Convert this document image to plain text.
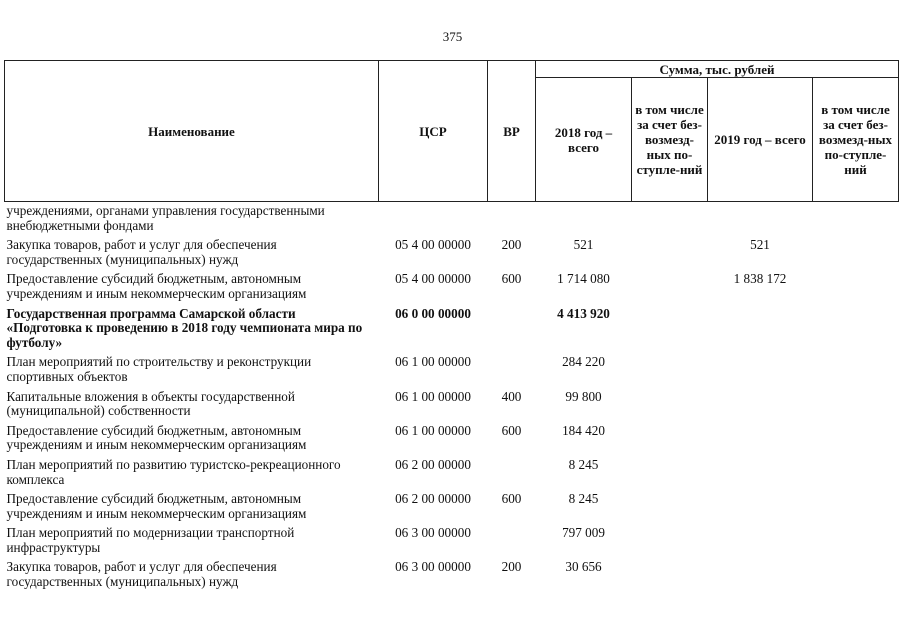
375
Наименование	ЦСР	ВР	Сумма, тыс. рублей			
			2018 год – всего	в том числе за счет без-возмезд-ных по-ступле-ний	2019 год – всего	в том числе за счет без-возмезд-ных по-ступле-ний
учреждениями, органами управления государственными внебюджетными фондами						
Закупка товаров, работ и услуг для обеспечения государственных (муниципальных) нужд	05 4 00 00000	200	521		521	
Предоставление субсидий бюджетным, автономным учреждениям и иным некоммерческим организациям	05 4 00 00000	600	1 714 080		1 838 172	
Государственная программа Самарской области «Подготовка к проведению в 2018 году чемпионата мира по футболу»	06 0 00 00000		4 413 920			
План мероприятий по строительству и реконструкции спортивных объектов	06 1 00 00000		284 220			
Капитальные вложения в объекты государственной (муниципальной) собственности	06 1 00 00000	400	99 800			
Предоставление субсидий бюджетным, автономным учреждениям и иным некоммерческим организациям	06 1 00 00000	600	184 420			
План мероприятий по развитию туристско-рекреационного комплекса	06 2 00 00000		8 245			
Предоставление субсидий бюджетным, автономным учреждениям и иным некоммерческим организациям	06 2 00 00000	600	8 245			
План мероприятий по модернизации транспортной инфраструктуры	06 3 00 00000		797 009			
Закупка товаров, работ и услуг для обеспечения государственных (муниципальных) нужд	06 3 00 00000	200	30 656			
